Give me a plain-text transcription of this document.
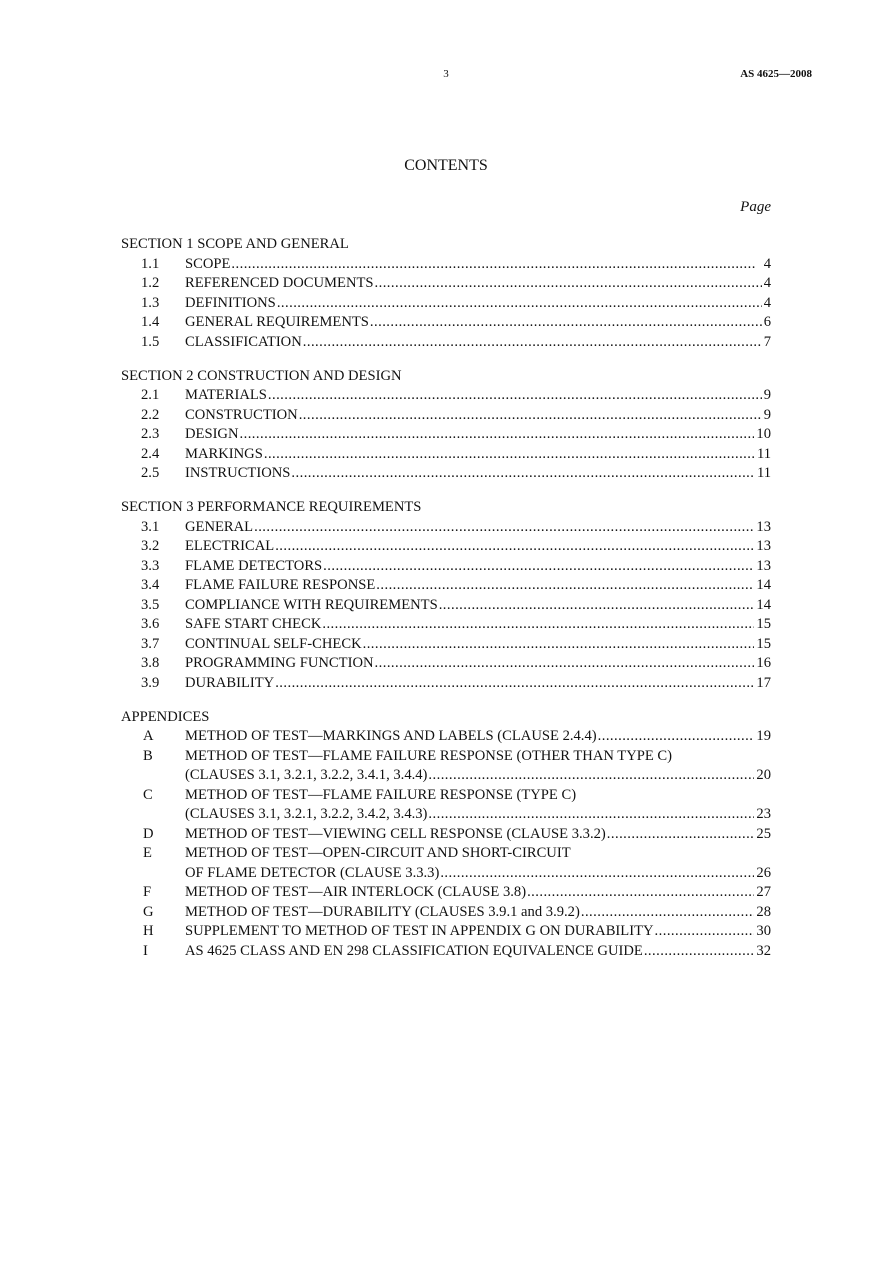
3	AS 4625—2008
CONTENTS
Page
SECTION 1 SCOPE AND GENERAL
1.1	SCOPE . . .	4
1.2	REFERENCED DOCUMENTS . . .	4
1.3	DEFINITIONS . . .	4
1.4	GENERAL REQUIREMENTS . . .	6
1.5	CLASSIFICATION . . .	7
SECTION 2 CONSTRUCTION AND DESIGN
2.1	MATERIALS . . .	9
2.2	CONSTRUCTION . . .	9
2.3	DESIGN . . .	10
2.4	MARKINGS . . .	11
2.5	INSTRUCTIONS . . .	11
SECTION 3 PERFORMANCE REQUIREMENTS
3.1	GENERAL . . .	13
3.2	ELECTRICAL . . .	13
3.3	FLAME DETECTORS . . .	13
3.4	FLAME FAILURE RESPONSE . . .	14
3.5	COMPLIANCE WITH REQUIREMENTS . . .	14
3.6	SAFE START CHECK . . .	15
3.7	CONTINUAL SELF-CHECK . . .	15
3.8	PROGRAMMING FUNCTION . . .	16
3.9	DURABILITY . . .	17
APPENDICES
A	METHOD OF TEST—MARKINGS AND LABELS (CLAUSE 2.4.4) . . .	19
B	METHOD OF TEST—FLAME FAILURE RESPONSE (OTHER THAN TYPE C)
(CLAUSES 3.1, 3.2.1, 3.2.2, 3.4.1, 3.4.4) . . .	20
C	METHOD OF TEST—FLAME FAILURE RESPONSE (TYPE C)
(CLAUSES 3.1, 3.2.1, 3.2.2, 3.4.2, 3.4.3) . . .	23
D	METHOD OF TEST—VIEWING CELL RESPONSE (CLAUSE 3.3.2) . . .	25
E	METHOD OF TEST—OPEN-CIRCUIT AND SHORT-CIRCUIT
OF FLAME DETECTOR (CLAUSE 3.3.3) . . .	26
F	METHOD OF TEST—AIR INTERLOCK (CLAUSE 3.8) . . .	27
G	METHOD OF TEST—DURABILITY (CLAUSES 3.9.1 and 3.9.2) . . .	28
H	SUPPLEMENT TO METHOD OF TEST IN APPENDIX G ON DURABILITY . . .	30
I	AS 4625 CLASS AND EN 298 CLASSIFICATION EQUIVALENCE GUIDE . . .	32
